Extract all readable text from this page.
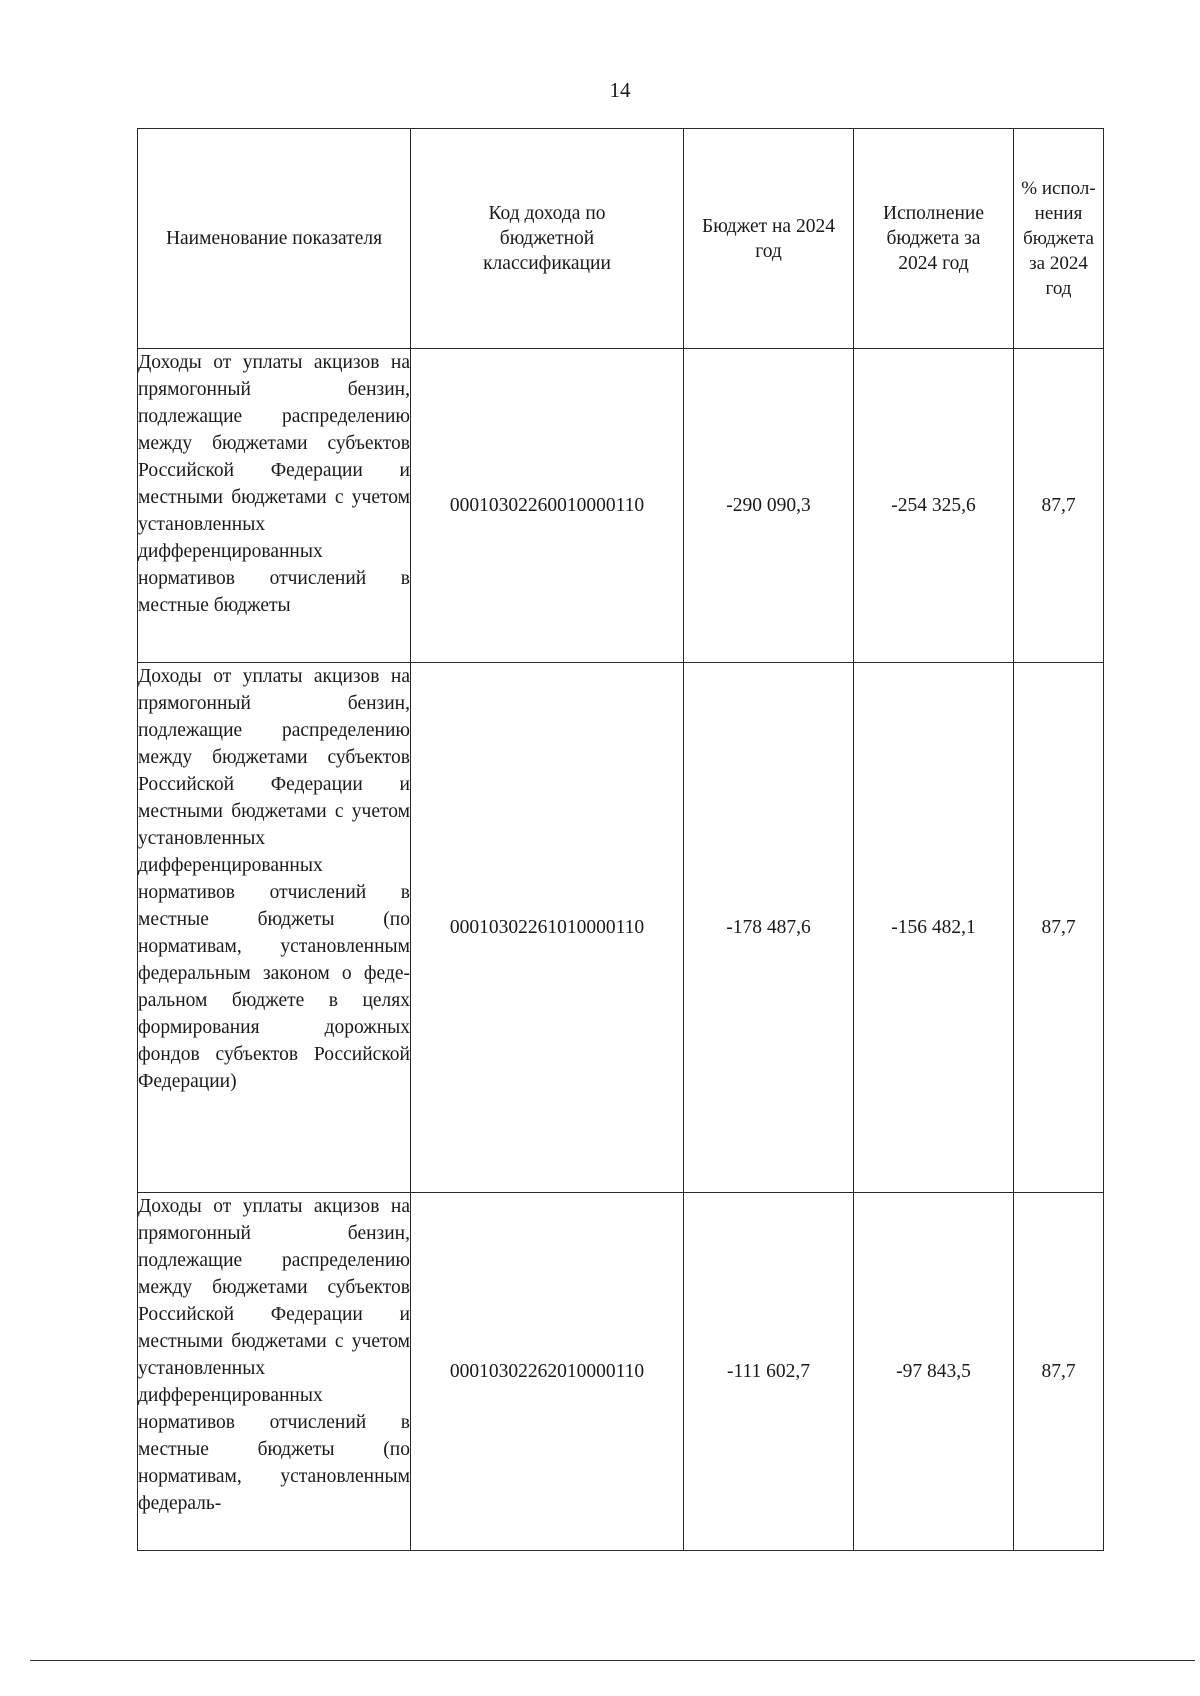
14
Наименование показателя	Код дохода по бюджетной классификации	Бюджет на 2024 год	Исполнение бюджета за 2024 год	% исполнения бюджета за 2024 год
Доходы от уплаты акцизов на прямогонный бензин, подлежащие распределению между бюджетами субъектов Российской Федерации и местными бюджетами с учетом установленных дифференцированных нормативов отчислений в местные бюджеты	00010302260010000110	-290 090,3	-254 325,6	87,7
Доходы от уплаты акцизов на прямогонный бензин, подлежащие распределению между бюджетами субъектов Российской Федерации и местными бюджетами с учетом установленных дифференцированных нормативов отчислений в местные бюджеты (по нормативам, установленным федеральным законом о федеральном бюджете в целях формирования дорожных фондов субъектов Российской Федерации)	00010302261010000110	-178 487,6	-156 482,1	87,7
Доходы от уплаты акцизов на прямогонный бензин, подлежащие распределению между бюджетами субъектов Российской Федерации и местными бюджетами с учетом установленных дифференцированных нормативов отчислений в местные бюджеты (по нормативам, установленным федераль-	00010302262010000110	-111 602,7	-97 843,5	87,7
